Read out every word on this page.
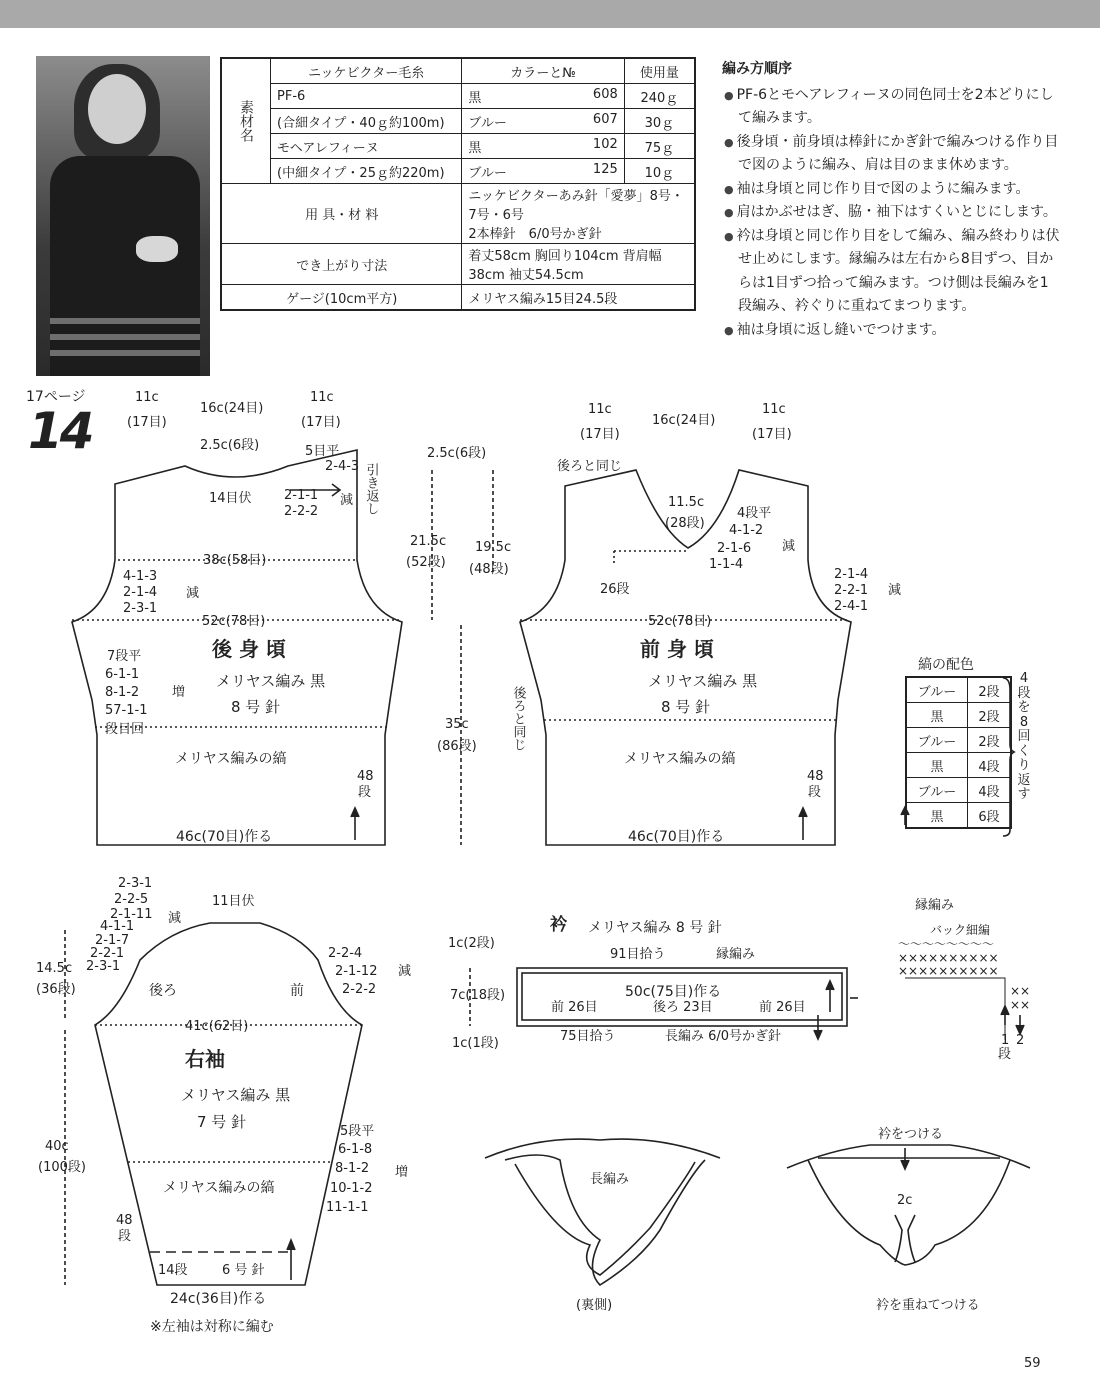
素材名	ニッケビクター毛糸	カラーと№	使用量
	PF-6	黒 608	240ｇ
	(合細タイプ・40ｇ約100m)	ブルー 607	30ｇ
	モヘアレフィーヌ	黒 102	75ｇ
	(中細タイプ・25ｇ約220m)	ブルー 125	10ｇ
用 具・材 料		ニッケビクターあみ針「愛夢」8号・7号・6号
2本棒針　6/0号かぎ針	

でき上がり寸法		着丈58cm 胸回り104cm 背肩幅38cm 袖丈54.5cm	
ゲージ(10cm平方)		メリヤス編み15目24.5段	
編み方順序
● PF-6とモヘアレフィーヌの同色同士を2本どりにして編みます。
● 後身頃・前身頃は棒針にかぎ針で編みつける作り目で図のように編み、肩は目のまま休めます。
● 袖は身頃と同じ作り目で図のように編みます。
● 肩はかぶせはぎ、脇・袖下はすくいとじにします。
● 衿は身頃と同じ作り目をして編み、編み終わりは伏せ止めにします。縁編みは左右から8目ずつ、目からは1目ずつ拾って編みます。つけ側は長編みを1段編み、衿ぐりに重ねてまつります。
● 袖は身頃に返し縫いでつけます。
17ページ
14
11c
(17目)
16c(24目)
11c
(17目)
2.5c(6段)
14目伏
5目平
2-4-3 引き返し
2-1-1
2-2-2
減
38c(58目)
4-1-3
2-1-4
2-3-1
減
52c(78目)
後 身 頃
7段平
6-1-1
8-1-2
57-1-1
段目回
増
メリヤス編み 黒
8 号 針
メリヤス編みの縞
48
段
46c(70目)作る
2.5c(6段)
21.5c
(52段)
19.5c
(48段)
35c
(86段)
11c
(17目)
16c(24目)
11c
(17目)
後ろと同じ
11.5c
(28段)
4段平
4-1-2
2-1-6
1-1-4
減
26段
2-1-4
2-2-1
2-4-1
減
52c(78目)
前 身 頃
後ろと同じ
メリヤス編み 黒
8 号 針
メリヤス編みの縞
48
段
46c(70目)作る
2-3-1
2-2-5
2-1-11
4-1-1
2-1-7
2-2-1
2-3-1
減
11目伏
2-2-4
2-1-12
2-2-2
減
14.5c
(36段)	後ろ	前
41c(62目)
右袖
メリヤス編み 黒
7 号 針
5段平
6-1-8
8-1-2
10-1-2
11-1-1
増
40c
(100段)
メリヤス編みの縞
48
段
14段	6 号 針
24c(36目)作る
衿 メリヤス編み 8 号 針
91目拾う	縁編み
1c(2段)
7c(18段)
1c(1段)
50c(75目)作る
前 26目	後ろ 23目	前 26目
75目拾う	長編み 6/0号かぎ針
縁編み
バック細編
～～～～～～～～
××××××××××
××××××××××
××
××
1 2
段
長編み
(裏側)
衿をつける
2c
衿を重ねてつける
縞の配色
ブルー	2段
黒	2段
ブルー	2段
黒	4段
ブルー	4段
黒	6段
4段を8回くり返す
※左袖は対称に編む
59
